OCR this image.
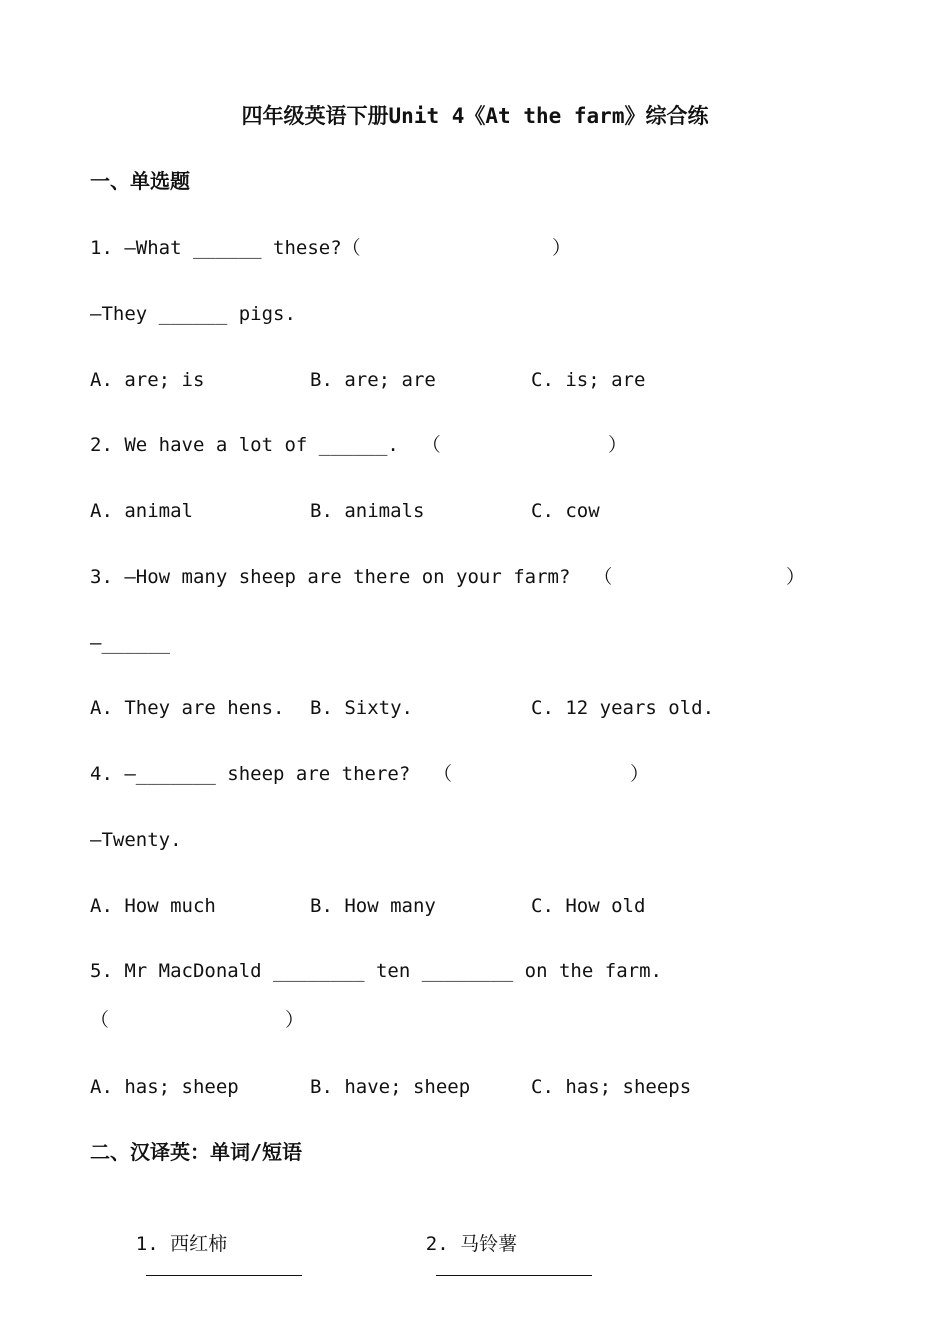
四年级英语下册Unit 4《At the farm》综合练
一、单选题
1. —What ______ these?（	）
—They ______ pigs.
A. are; is	B. are; are	C. is; are
2. We have a lot of ______.  （	）
A. animal	B. animals	C. cow
3. —How many sheep are there on your farm?  （	）
—______
A. They are hens. B. Sixty.	C. 12 years old.
4. —_______ sheep are there?  （	）
—Twenty.
A. How much	B. How many	C. How old
5. Mr MacDonald ________ ten ________ on the farm.
（	）
A. has; sheep	B. have; sheep	C. has; sheeps
二、汉译英：单词/短语

1. 西红柿

	2. 马铃薯
